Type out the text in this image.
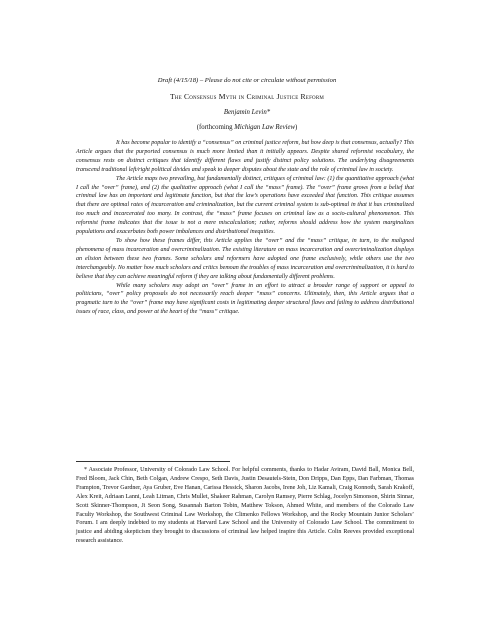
Draft (4/15/18) – Please do not cite or circulate without permission
The Consensus Myth in Criminal Justice Reform
Benjamin Levin*
(forthcoming Michigan Law Review)

It has become popular to identify a “consensus” on criminal justice reform, but how deep is that consensus, actually? This Article argues that the purported consensus is much more limited than it initially appears. Despite shared reformist vocabulary, the consensus rests on distinct critiques that identify different flaws and justify distinct policy solutions. The underlying disagreements transcend traditional left/right political divides and speak to deeper disputes about the state and the role of criminal law in society.

The Article maps two prevailing, but fundamentally distinct, critiques of criminal law: (1) the quantitative approach (what I call the “over” frame), and (2) the qualitative approach (what I call the “mass” frame). The “over” frame grows from a belief that criminal law has an important and legitimate function, but that the law’s operations have exceeded that function. This critique assumes that there are optimal rates of incarceration and criminalization, but the current criminal system is sub-optimal in that it has criminalized too much and incarcerated too many. In contrast, the “mass” frame focuses on criminal law as a socio-cultural phenomenon. This reformist frame indicates that the issue is not a mere miscalculation; rather, reforms should address how the system marginalizes populations and exacerbates both power imbalances and distributional inequities.

To show how these frames differ, this Article applies the “over” and the “mass” critique, in turn, to the maligned phenomena of mass incarceration and overcriminalization. The existing literature on mass incarceration and overcriminalization displays an elision between these two frames. Some scholars and reformers have adopted one frame exclusively, while others use the two interchangeably. No matter how much scholars and critics bemoan the troubles of mass incarceration and overcriminalization, it is hard to believe that they can achieve meaningful reform if they are talking about fundamentally different problems.

While many scholars may adopt an “over” frame in an effort to attract a broader range of support or appeal to politicians, “over” policy proposals do not necessarily reach deeper “mass” concerns. Ultimately, then, this Article argues that a pragmatic turn to the “over” frame may have significant costs in legitimating deeper structural flaws and failing to address distributional issues of race, class, and power at the heart of the “mass” critique.

* Associate Professor, University of Colorado Law School. For helpful comments, thanks to Hadar Aviram, David Ball, Monica Bell, Fred Bloom, Jack Chin, Beth Colgan, Andrew Crespo, Seth Davis, Justin Desautels-Stein, Don Dripps, Dan Epps, Dan Farbman, Thomas Frampton, Trevor Gardner, Aya Gruber, Eve Hanan, Carissa Hessick, Sharon Jacobs, Irene Joh, Liz Kamali, Craig Konnoth, Sarah Krakoff, Alex Kreit, Adriaan Lanni, Leah Litman, Chris Mullet, Shakeer Rahman, Carolyn Ramsey, Pierre Schlag, Jocelyn Simonson, Shirin Sinnar, Scott Skinner-Thompson, Ji Seon Song, Susannah Barton Tobin, Matthew Tokson, Ahmed White, and members of the Colorado Law Faculty Workshop, the Southwest Criminal Law Workshop, the Climenko Fellows Workshop, and the Rocky Mountain Junior Scholars’ Forum. I am deeply indebted to my students at Harvard Law School and the University of Colorado Law School. The commitment to justice and abiding skepticism they brought to discussions of criminal law helped inspire this Article. Colin Reeves provided exceptional research assistance.
